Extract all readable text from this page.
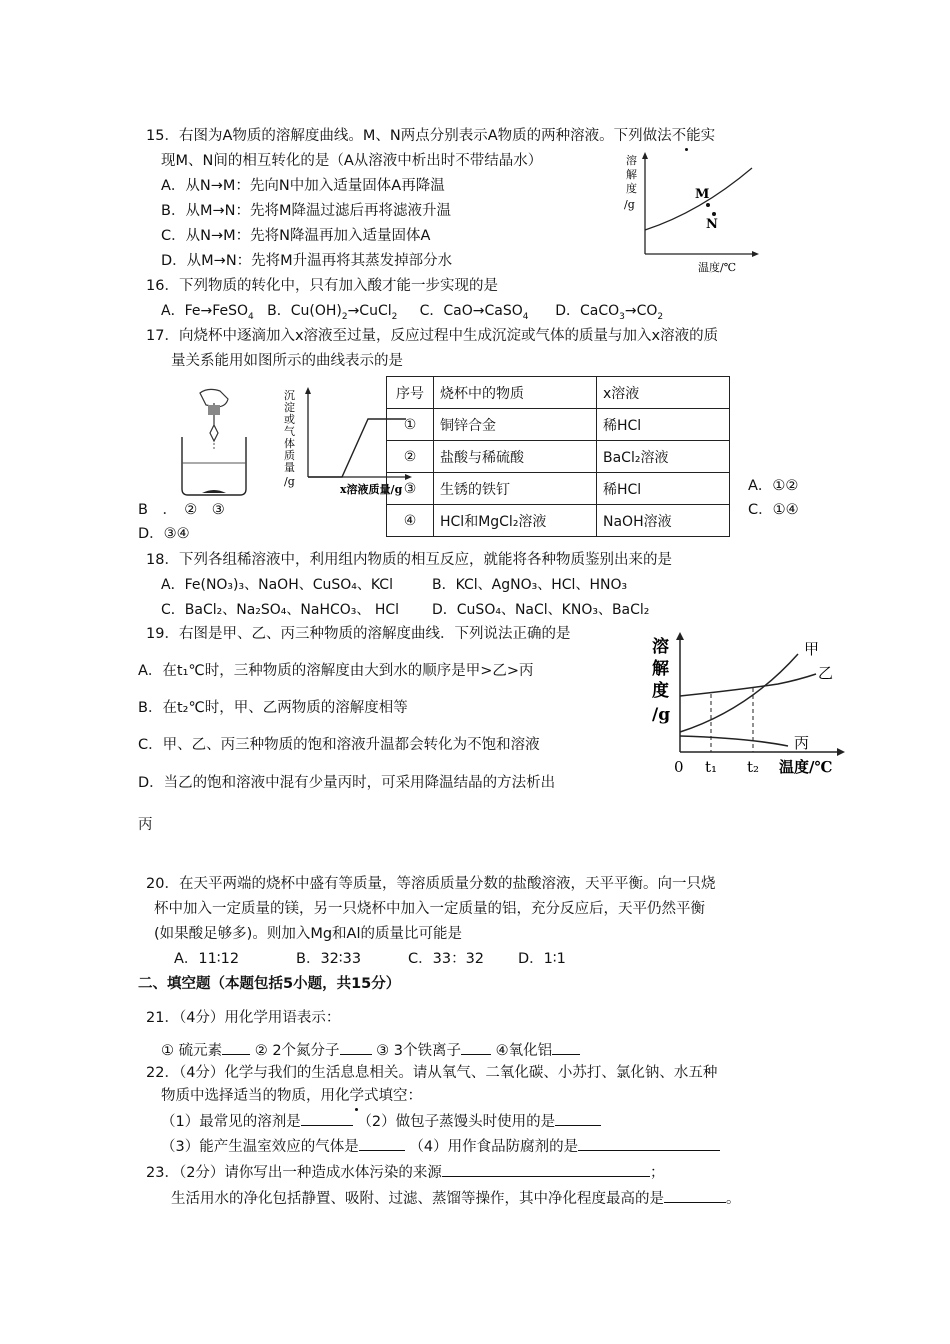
15．右图为A物质的溶解度曲线。M、N两点分别表示A物质的两种溶液。下列做法不能实
现M、N间的相互转化的是（A从溶液中析出时不带结晶水）
A．从N→M：先向N中加入适量固体A再降温
B．从M→N：先将M降温过滤后再将滤液升温
C．从N→M：先将N降温再加入适量固体A
D．从M→N：先将M升温再将其蒸发掉部分水
溶
解
度
/g
M
N
温度/℃
16．下列物质的转化中，只有加入酸才能一步实现的是
A．Fe→FeSO$_4$ B．$Cu(OH)_2\to CuCl_2$ C．CaO→CaSO$_4$ D．$CaCO_3\to CO_2$
17．向烧杯中逐滴加入x溶液至过量，反应过程中生成沉淀或气体的质量与加入x溶液的质
量关系能用如图所示的曲线表示的是
沉
淀
或
气
体
质
量
/g
x溶液质量/g
序号	烧杯中的物质	x溶液
①	铜锌合金	稀HCl
②	盐酸与稀硫酸	BaCl₂溶液
③	生锈的铁钉	稀HCl
④	HCl和MgCl₂溶液	NaOH溶液
A．①②
B　．　②　③	C．①④
D．③④
18．下列各组稀溶液中，利用组内物质的相互反应，就能将各种物质鉴别出来的是
A．Fe(NO₃)₃、NaOH、CuSO₄、KCl	B．KCl、AgNO₃、HCl、HNO₃
C．BaCl₂、Na₂SO₄、NaHCO₃、 HCl D．CuSO₄、NaCl、KNO₃、BaCl₂
19．右图是甲、乙、丙三种物质的溶解度曲线．下列说法正确的是
A．在t₁℃时，三种物质的溶解度由大到水的顺序是甲>乙>丙
B．在t₂℃时，甲、乙两物质的溶解度相等
C．甲、乙、丙三种物质的饱和溶液升温都会转化为不饱和溶液
D．当乙的饱和溶液中混有少量丙时，可采用降温结晶的方法析出
丙
溶
解
度
/g
甲
乙
丙
0 t₁ t₂ 温度/℃
20．在天平两端的烧杯中盛有等质量，等溶质质量分数的盐酸溶液，天平平衡。向一只烧
杯中加入一定质量的镁，另一只烧杯中加入一定质量的铝，充分反应后，天平仍然平衡
(如果酸足够多)。则加入Mg和Al的质量比可能是
A．11∶12	B．32∶33	C．33：32 D．1∶1
二、填空题（本题包括5小题，共15分）
21．（4分）用化学用语表示：
① 硫元素 ② 2个氮分子	③ 3个铁离子 ④氧化铝
22．（4分）化学与我们的生活息息相关。请从氧气、二氧化碳、小苏打、氯化钠、水五种
物质中选择适当的物质，用化学式填空：
（1）最常见的溶剂是	（2）做包子蒸馒头时使用的是
（3）能产生温室效应的气体是	（4）用作食品防腐剂的是
23．（2分）请你写出一种造成水体污染的来源	；
生活用水的净化包括静置、吸附、过滤、蒸馏等操作，其中净化程度最高的是	。
